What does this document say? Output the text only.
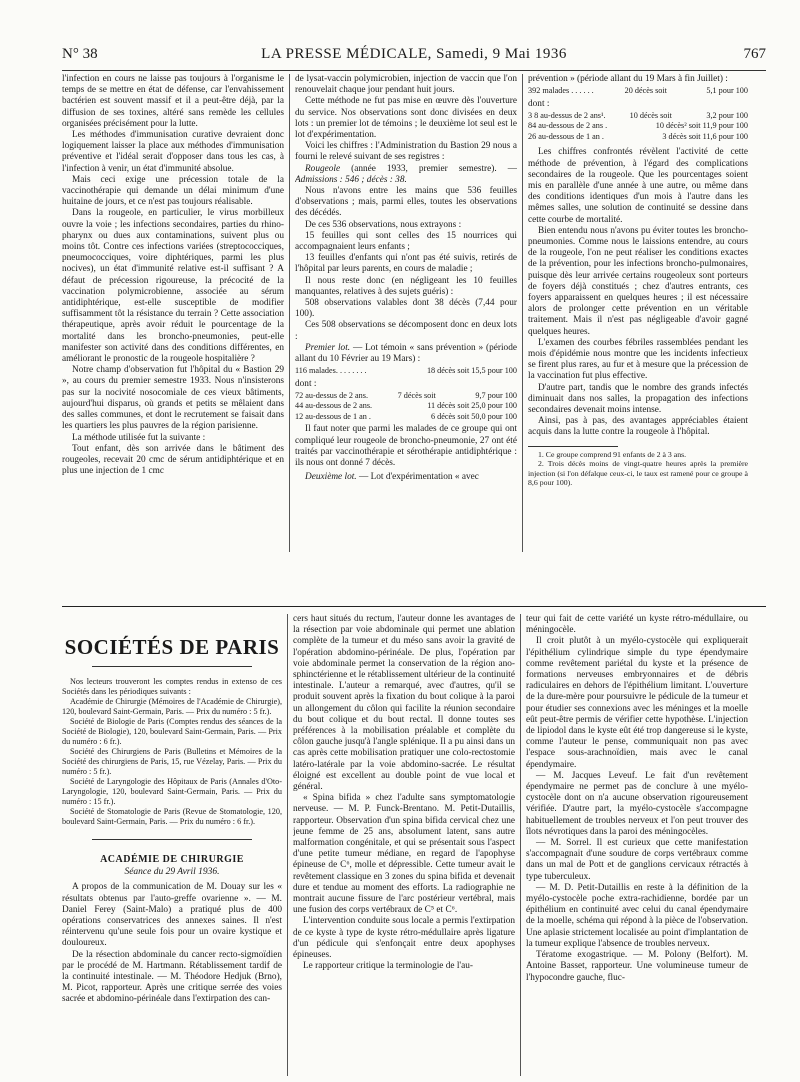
N° 38	LA PRESSE MÉDICALE, Samedi, 9 Mai 1936	767

l'infection en cours ne laisse pas toujours à l'organisme le temps de se mettre en état de défense, car l'envahissement bactérien est souvent massif et il a peut-être déjà, par la diffusion de ses toxines, altéré sans remède les cellules organisées précisément pour la lutte.

Les méthodes d'immunisation curative devraient donc logiquement laisser la place aux méthodes d'immunisation préventive et l'idéal serait d'opposer dans tous les cas, à l'infection à venir, un état d'immunité absolue.

Mais ceci exige une précession totale de la vaccinothérapie qui demande un délai minimum d'une huitaine de jours, et ce n'est pas toujours réalisable.

Dans la rougeole, en particulier, le virus morbilleux ouvre la voie ; les infections secondaires, parties du rhino-pharynx ou dues aux contaminations, suivent plus ou moins tôt. Contre ces infections variées (streptococciques, pneumococciques, voire diphtériques, parmi les plus nocives), un état d'immunité relative est-il suffisant ? A défaut de précession rigoureuse, la précocité de la vaccination polymicrobienne, associée au sérum antidiphtérique, est-elle susceptible de modifier suffisamment tôt la résistance du terrain ? Cette association thérapeutique, après avoir réduit le pourcentage de la mortalité dans les broncho-pneumonies, peut-elle manifester son activité dans des conditions différentes, en améliorant le pronostic de la rougeole hospitalière ?

Notre champ d'observation fut l'hôpital du « Bastion 29 », au cours du premier semestre 1933. Nous n'insisterons pas sur la nocivité nosocomiale de ces vieux bâtiments, aujourd'hui disparus, où grands et petits se mêlaient dans des salles communes, et dont le recrutement se faisait dans les quartiers les plus pauvres de la région parisienne.

La méthode utilisée fut la suivante :

Tout enfant, dès son arrivée dans le bâtiment des rougeoles, recevait 20 cmc de sérum antidiphtérique et en plus une injection de 1 cmc

de lysat-vaccin polymicrobien, injection de vaccin que l'on renouvelait chaque jour pendant huit jours.

Cette méthode ne fut pas mise en œuvre dès l'ouverture du service. Nos observations sont donc divisées en deux lots : un premier lot de témoins ; le deuxième lot seul est le lot d'expérimentation.

Voici les chiffres : l'Administration du Bastion 29 nous a fourni le relevé suivant de ses registres :

Rougeole (année 1933, premier semestre). — Admissions : 546 ; décès : 38.

Nous n'avons entre les mains que 536 feuilles d'observations ; mais, parmi elles, toutes les observations des décédés.

De ces 536 observations, nous extrayons :

15 feuilles qui sont celles des 15 nourrices qui accompagnaient leurs enfants ;

13 feuilles d'enfants qui n'ont pas été suivis, retirés de l'hôpital par leurs parents, en cours de maladie ;

Il nous reste donc (en négligeant les 10 feuilles manquantes, relatives à des sujets guéris) :

508 observations valables dont 38 décès (7,44 pour 100).

Ces 508 observations se décomposent donc en deux lots :

Premier lot. — Lot témoin « sans prévention » (période allant du 10 Février au 19 Mars) :

116 malades. . . . . . . .	18 décès soit 15,5 pour 100

dont :

72 au-dessus de 2 ans.	7 décès soit	9,7 pour 100
44 au-dessous de 2 ans.	11 décès soit 25,0 pour 100	
12 au-dessous de 1 an .	6 décès soit 50,0 pour 100	

Il faut noter que parmi les malades de ce groupe qui ont compliqué leur rougeole de broncho-pneumonie, 27 ont été traités par vaccinothérapie et sérothérapie antidiphtérique : ils nous ont donné 7 décès.

Deuxième lot. — Lot d'expérimentation « avec

prévention » (période allant du 19 Mars à fin Juillet) :

392 malades . . . . . .	20 décès soit	5,1 pour 100

dont :

3 8 au-dessus de 2 ans¹.	10 décès soit	3,2 pour 100
84 au-dessous de 2 ans .	10 décès² soit 11,9 pour 100	
26 au-dessous de 1 an .	3 décès soit 11,6 pour 100	

Les chiffres confrontés révèlent l'activité de cette méthode de prévention, à l'égard des complications secondaires de la rougeole. Que les pourcentages soient mis en parallèle d'une année à une autre, ou même dans des conditions identiques d'un mois à l'autre dans les mêmes salles, une solution de continuité se dessine dans cette courbe de mortalité.

Bien entendu nous n'avons pu éviter toutes les broncho-pneumonies. Comme nous le laissions entendre, au cours de la rougeole, l'on ne peut réaliser les conditions exactes de la prévention, pour les infections broncho-pulmonaires, puisque dès leur arrivée certains rougeoleux sont porteurs de foyers déjà constitués ; chez d'autres entrants, ces foyers apparaissent en quelques heures ; il est nécessaire alors de prolonger cette prévention en un véritable traitement. Mais il n'est pas négligeable d'avoir gagné quelques heures.

L'examen des courbes fébriles rassemblées pendant les mois d'épidémie nous montre que les incidents infectieux se firent plus rares, au fur et à mesure que la précession de la vaccination fut plus effective.

D'autre part, tandis que le nombre des grands infectés diminuait dans nos salles, la propagation des infections secondaires devenait moins intense.

Ainsi, pas à pas, des avantages appréciables étaient acquis dans la lutte contre la rougeole à l'hôpital.

1. Ce groupe comprend 91 enfants de 2 à 3 ans.

2. Trois décès moins de vingt-quatre heures après la première injection (si l'on défalque ceux-ci, le taux est ramené pour ce groupe à 8,6 pour 100).

SOCIÉTÉS DE PARIS

Nos lecteurs trouveront les comptes rendus in extenso de ces Sociétés dans les périodiques suivants :

Académie de Chirurgie (Mémoires de l'Académie de Chirurgie), 120, boulevard Saint-Germain, Paris. — Prix du numéro : 5 fr.).

Société de Biologie de Paris (Comptes rendus des séances de la Société de Biologie), 120, boulevard Saint-Germain, Paris. — Prix du numéro : 6 fr.).

Société des Chirurgiens de Paris (Bulletins et Mémoires de la Société des chirurgiens de Paris, 15, rue Vézelay, Paris. — Prix du numéro : 5 fr.).

Société de Laryngologie des Hôpitaux de Paris (Annales d'Oto-Laryngologie, 120, boulevard Saint-Germain, Paris. — Prix du numéro : 15 fr.).

Société de Stomatologie de Paris (Revue de Stomatologie, 120, boulevard Saint-Germain, Paris. — Prix du numéro : 6 fr.).

ACADÉMIE DE CHIRURGIE
Séance du 29 Avril 1936.

A propos de la communication de M. Douay sur les « résultats obtenus par l'auto-greffe ovarienne ». — M. Daniel Ferey (Saint-Malo) a pratiqué plus de 400 opérations conservatrices des annexes saines. Il n'est réintervenu qu'une seule fois pour un ovaire kystique et douloureux.

De la résection abdominale du cancer recto-sigmoïdien par le procédé de M. Hartmann. Rétablissement tardif de la continuité intestinale. — M. Théodore Hedjuk (Brno), M. Picot, rapporteur. Après une critique serrée des voies sacrée et abdomino-périnéale dans l'extirpation des can-

cers haut situés du rectum, l'auteur donne les avantages de la résection par voie abdominale qui permet une ablation complète de la tumeur et du méso sans avoir la gravité de l'opération abdomino-périnéale. De plus, l'opération par voie abdominale permet la conservation de la région ano-sphinctérienne et le rétablissement ultérieur de la continuité intestinale. L'auteur a remarqué, avec d'autres, qu'il se produit souvent après la fixation du bout colique à la paroi un allongement du côlon qui facilite la réunion secondaire du bout colique et du bout rectal. Il donne toutes ses préférences à la mobilisation préalable et complète du côlon gauche jusqu'à l'angle splénique. Il a pu ainsi dans un cas après cette mobilisation pratiquer une colo-rectostomie latéro-latérale par la voie abdomino-sacrée. Le résultat éloigné est excellent au double point de vue local et général.

« Spina bifida » chez l'adulte sans symptomatologie nerveuse. — M. P. Funck-Brentano. M. Petit-Dutaillis, rapporteur. Observation d'un spina bifida cervical chez une jeune femme de 25 ans, absolument latent, sans autre malformation congénitale, et qui se présentait sous l'aspect d'une petite tumeur médiane, en regard de l'apophyse épineuse de C⁶, molle et dépressible. Cette tumeur avait le revêtement classique en 3 zones du spina bifida et devenait dure et tendue au moment des efforts. La radiographie ne montrait aucune fissure de l'arc postérieur vertébral, mais une fusion des corps vertébraux de C⁵ et C⁶.

L'intervention conduite sous locale a permis l'extirpation de ce kyste à type de kyste rétro-médullaire après ligature d'un pédicule qui s'enfonçait entre deux apophyses épineuses.

Le rapporteur critique la terminologie de l'au-

teur qui fait de cette variété un kyste rétro-médullaire, ou méningocèle.

Il croit plutôt à un myélo-cystocèle qui expliquerait l'épithélium cylindrique simple du type épendymaire comme revêtement pariétal du kyste et la présence de formations nerveuses embryonnaires et de débris radiculaires en dehors de l'épithélium limitant. L'ouverture de la dure-mère pour poursuivre le pédicule de la tumeur et pour étudier ses connexions avec les méninges et la moelle eût peut-être permis de vérifier cette hypothèse. L'injection de lipiodol dans le kyste eût été trop dangereuse si le kyste, comme l'auteur le pense, communiquait non pas avec l'espace sous-arachnoïdien, mais avec le canal épendymaire.

— M. Jacques Leveuf. Le fait d'un revêtement épendymaire ne permet pas de conclure à une myélo-cystocèle dont on n'a aucune observation rigoureusement vérifiée. D'autre part, la myélo-cystocèle s'accompagne habituellement de troubles nerveux et l'on peut trouver des îlots névrotiques dans la paroi des méningocèles.

— M. Sorrel. Il est curieux que cette manifestation s'accompagnait d'une soudure de corps vertébraux comme dans un mal de Pott et de ganglions cervicaux rétractés à type tuberculeux.

— M. D. Petit-Dutaillis en reste à la définition de la myélo-cystocèle poche extra-rachidienne, bordée par un épithélium en continuité avec celui du canal épendymaire de la moelle, schéma qui répond à la pièce de l'observation. Une aplasie strictement localisée au point d'implantation de la tumeur explique l'absence de troubles nerveux.

Tératome exogastrique. — M. Polony (Belfort). M. Antoine Basset, rapporteur. Une volumineuse tumeur de l'hypocondre gauche, fluc-
